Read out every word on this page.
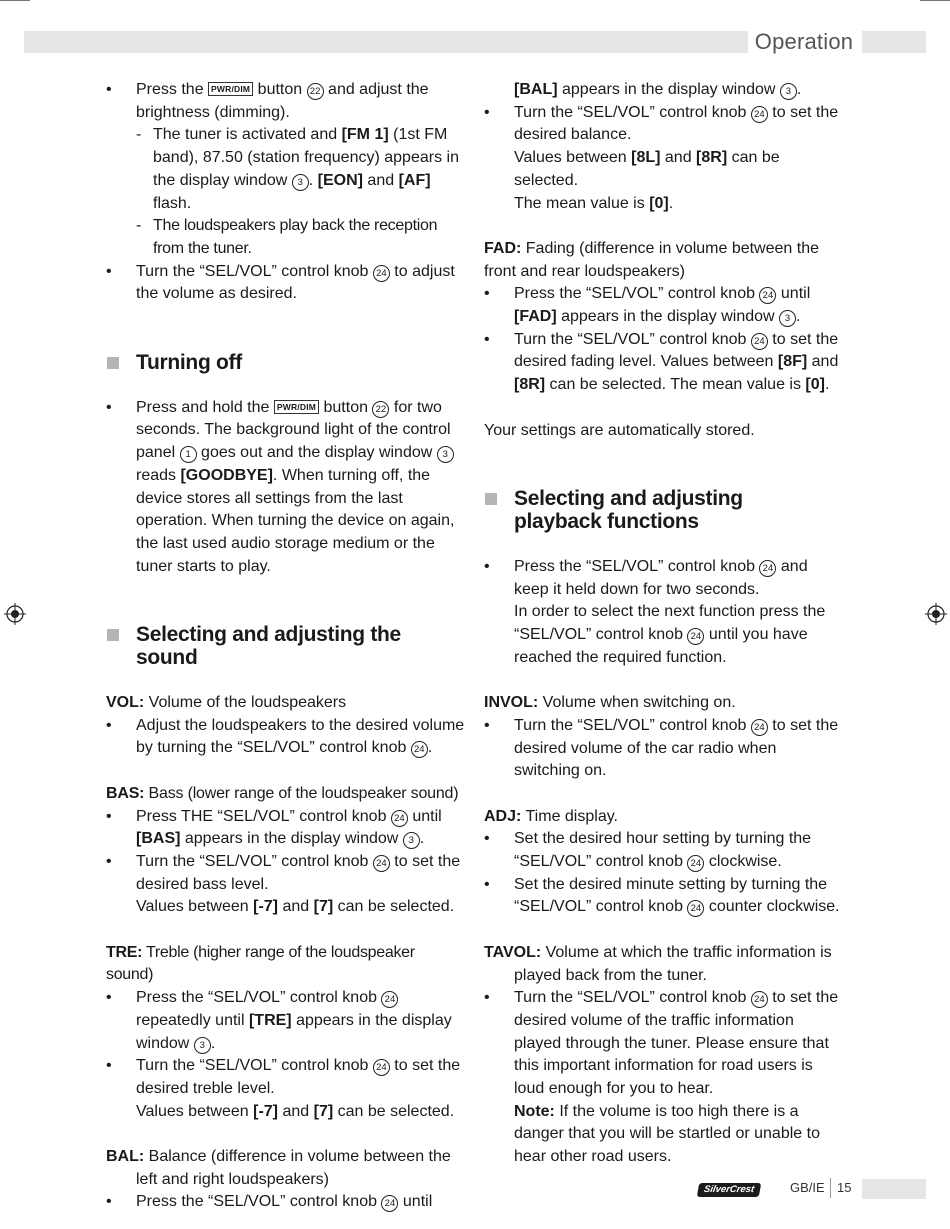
Operation
• Press the PWR/DIM button 22 and adjust the brightness (dimming).
- The tuner is activated and [FM 1] (1st FM band), 87.50 (station frequency) appears in the display window 3 . [EON] and [AF] flash.
- The loudspeakers play back the reception from the tuner.
• Turn the “SEL/VOL” control knob 24 to adjust the volume as desired.
Turning off
• Press and hold the PWR/DIM button 22 for two seconds. The background light of the control panel 1 goes out and the display window 3 reads [GOODBYE]. When turning off, the device stores all settings from the last operation. When turning the device on again, the last used audio storage medium or the tuner starts to play.
Selecting and adjusting the sound
VOL: Volume of the loudspeakers
• Adjust the loudspeakers to the desired volume by turning the “SEL/VOL” control knob 24 .
BAS: Bass (lower range of the loudspeaker sound)
• Press THE “SEL/VOL” control knob 24 until [BAS] appears in the display window 3 .
• Turn the “SEL/VOL” control knob 24 to set the desired bass level.
Values between [-7] and [7] can be selected.
TRE: Treble (higher range of the loudspeaker sound)
• Press the “SEL/VOL” control knob 24 repeatedly until [TRE] appears in the display window 3 .
• Turn the “SEL/VOL” control knob 24 to set the desired treble level.
Values between [-7] and [7] can be selected.
BAL: Balance (difference in volume between the
left and right loudspeakers)
• Press the “SEL/VOL” control knob 24 until
[BAL] appears in the display window 3 .
• Turn the “SEL/VOL” control knob 24 to set the desired balance.
Values between [8L] and [8R] can be selected.
The mean value is [0].
FAD: Fading (difference in volume between the front and rear loudspeakers)
• Press the “SEL/VOL” control knob 24 until
[FAD] appears in the display window 3 .
• Turn the “SEL/VOL” control knob 24 to set the desired fading level. Values between [8F] and
[8R] can be selected. The mean value is [0].
Your settings are automatically stored.
Selecting and adjusting
playback functions
• Press the “SEL/VOL” control knob 24 and keep it held down for two seconds.
In order to select the next function press the “SEL/VOL” control knob 24 until you have reached the required function.
INVOL: Volume when switching on.
• Turn the “SEL/VOL” control knob 24 to set the desired volume of the car radio when switching on.
ADJ: Time display.
• Set the desired hour setting by turning the “SEL/VOL” control knob 24 clockwise.
• Set the desired minute setting by turning the “SEL/VOL” control knob 24 counter clockwise.
TAVOL: Volume at which the traffic information is
played back from the tuner.
• Turn the “SEL/VOL” control knob 24 to set the desired volume of the traffic information played through the tuner. Please ensure that this important information for road users is loud enough for you to hear.
Note: If the volume is too high there is a danger that you will be startled or unable to hear other road users.
SilverCrest	GB/IE 15
